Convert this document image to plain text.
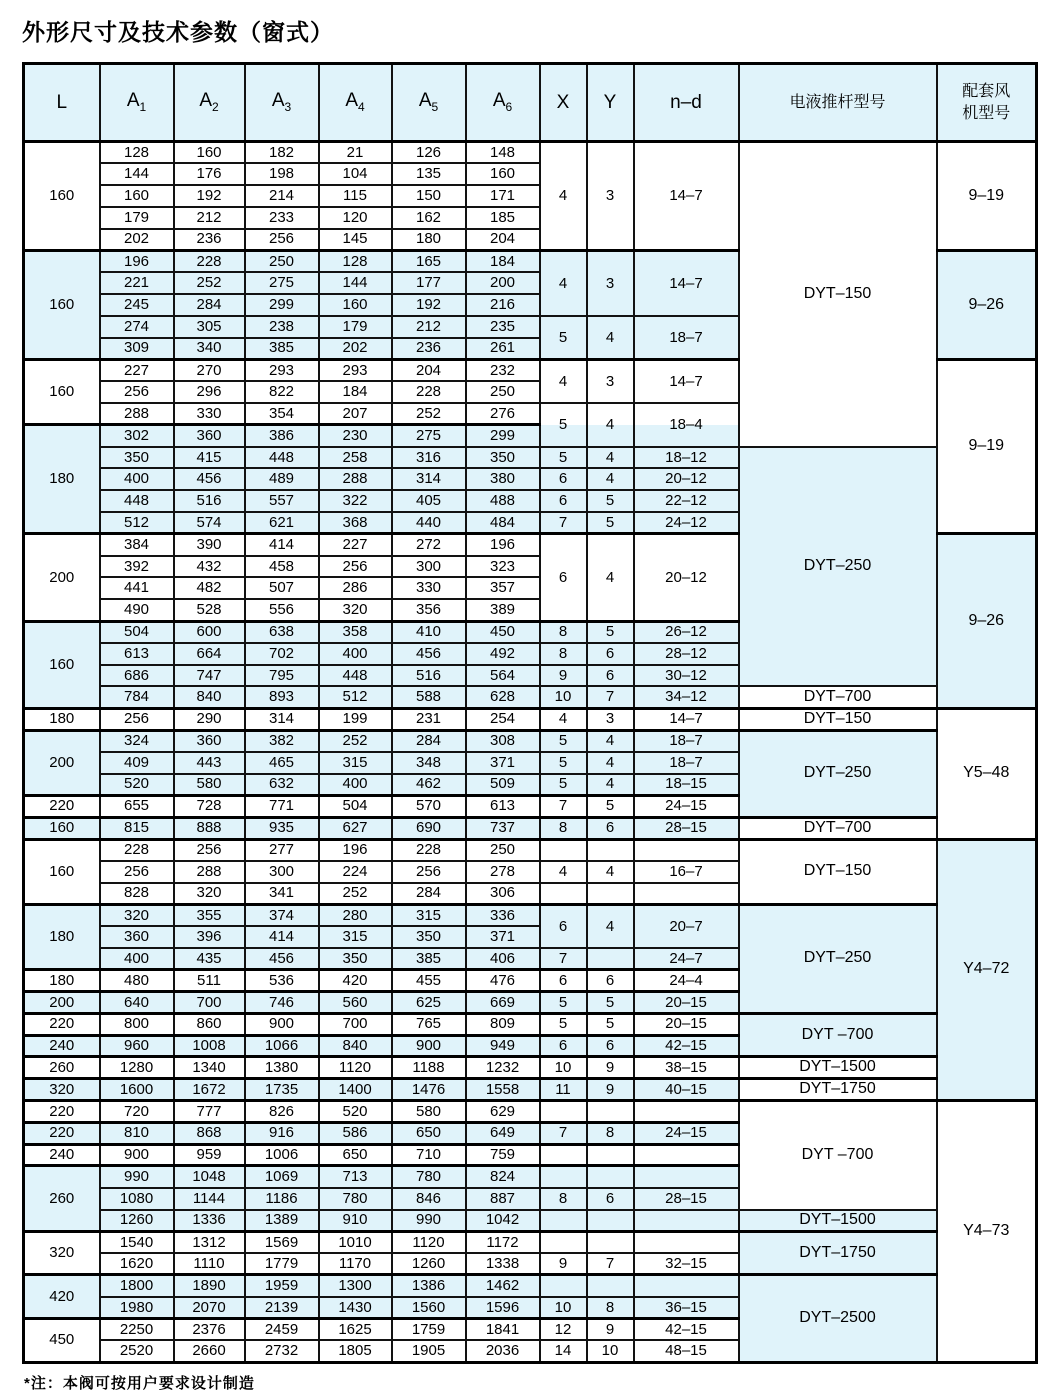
外形尺寸及技术参数（窗式）
L	$A_1$	$A_2$	$A_3$	$A_4$	$A_5$	$A_6$	X	Y	n–d	电液推杆型号	配套风
机型号
160	128	160	182	21	126	148	4	3	14–7	DYT–150	9–19
	144	176	198	104	135	160					
	160	192	214	115	150	171					
	179	212	233	120	162	185					
	202	236	256	145	180	204					
160	196	228	250	128	165	184	4	3	14–7		9–26
	221	252	275	144	177	200					
	245	284	299	160	192	216					
	274	305	238	179	212	235	5	4	18–7		
	309	340	385	202	236	261					
160	227	270	293	293	204	232	4	3	14–7		9–19
	256	296	822	184	228	250					
	288	330	354	207	252	276	5	4	18–4		
180	302	360	386	230	275	299					
	350	415	448	258	316	350	5	4	18–12	DYT–250	
	400	456	489	288	314	380	6	4	20–12		
	448	516	557	322	405	488	6	5	22–12		
	512	574	621	368	440	484	7	5	24–12		
200	384	390	414	227	272	196	6	4	20–12		9–26
	392	432	458	256	300	323					
	441	482	507	286	330	357					
	490	528	556	320	356	389					
160	504	600	638	358	410	450	8	5	26–12		
	613	664	702	400	456	492	8	6	28–12		
	686	747	795	448	516	564	9	6	30–12		
	784	840	893	512	588	628	10	7	34–12	DYT–700	
180	256	290	314	199	231	254	4	3	14–7	DYT–150	Y5–48
200	324	360	382	252	284	308	5	4	18–7	DYT–250	
	409	443	465	315	348	371	5	4	18–7		
	520	580	632	400	462	509	5	4	18–15		
220	655	728	771	504	570	613	7	5	24–15		
160	815	888	935	627	690	737	8	6	28–15	DYT–700	
160	228	256	277	196	228	250				DYT–150	Y4–72
	256	288	300	224	256	278	4	4	16–7		
	828	320	341	252	284	306					
180	320	355	374	280	315	336	6	4	20–7	DYT–250	
	360	396	414	315	350	371					
	400	435	456	350	385	406	7		24–7		
180	480	511	536	420	455	476	6	6	24–4		
200	640	700	746	560	625	669	5	5	20–15		
220	800	860	900	700	765	809	5	5	20–15	DYT –700	
240	960	1008	1066	840	900	949	6	6	42–15		
260	1280	1340	1380	1120	1188	1232	10	9	38–15	DYT–1500	
320	1600	1672	1735	1400	1476	1558	11	9	40–15	DYT–1750	
220	720	777	826	520	580	629				DYT –700	Y4–73
220	810	868	916	586	650	649	7	8	24–15		
240	900	959	1006	650	710	759					
260	990	1048	1069	713	780	824					
	1080	1144	1186	780	846	887	8	6	28–15		
	1260	1336	1389	910	990	1042				DYT–1500	
320	1540	1312	1569	1010	1120	1172				DYT–1750	
	1620	1110	1779	1170	1260	1338	9	7	32–15		
420	1800	1890	1959	1300	1386	1462				DYT–2500	
	1980	2070	2139	1430	1560	1596	10	8	36–15		
450	2250	2376	2459	1625	1759	1841	12	9	42–15		
	2520	2660	2732	1805	1905	2036	14	10	48–15		
*注：本阀可按用户要求设计制造
